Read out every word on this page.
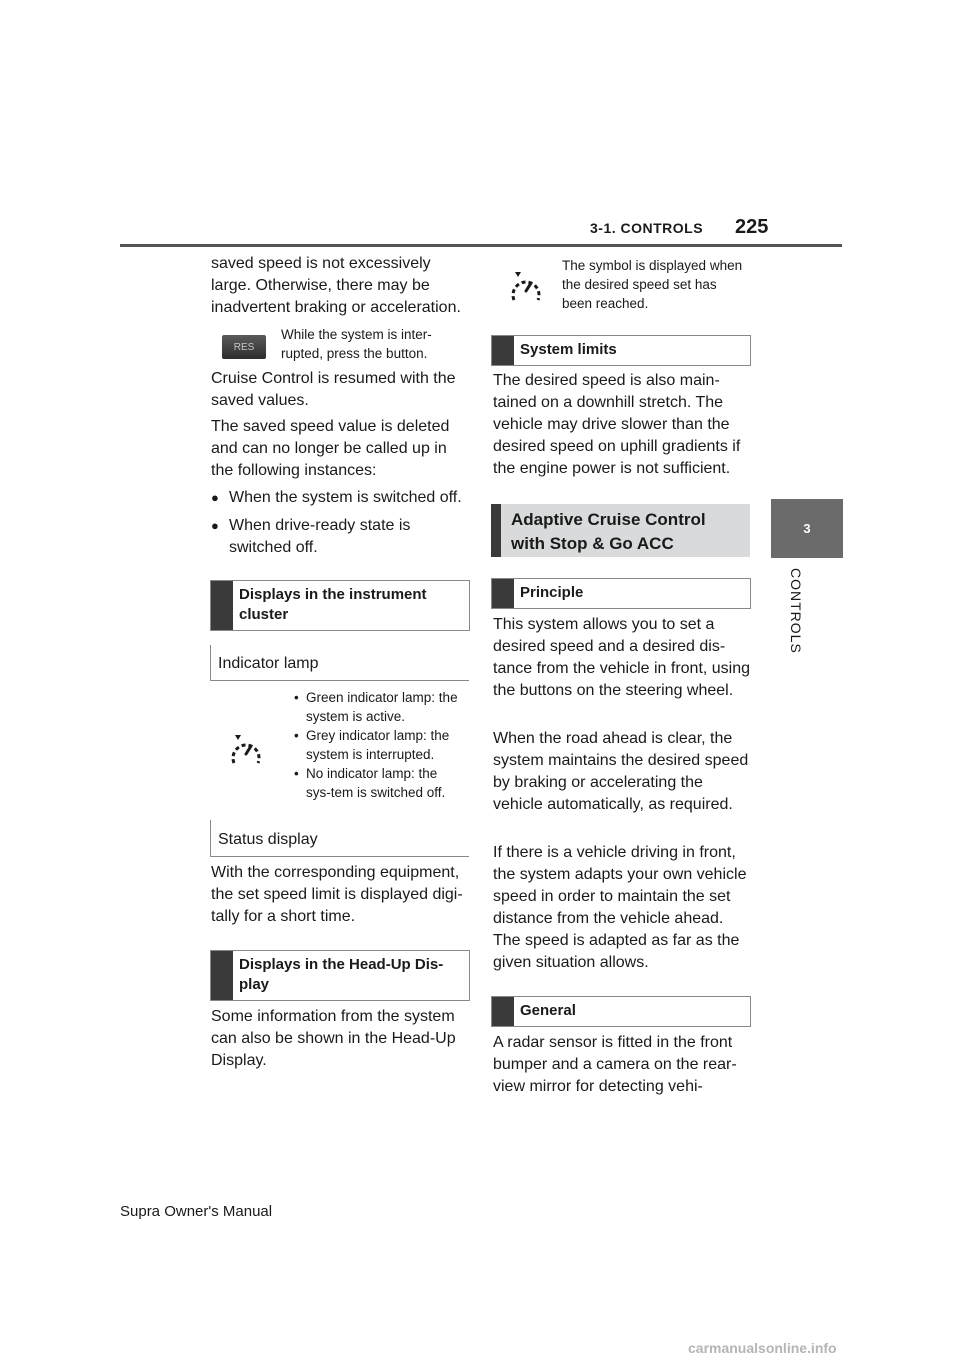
3-1. CONTROLS 225
3
CONTROLS

saved speed is not excessively large. Otherwise, there may be inadvertent braking or acceleration.

RES
While the system is inter-rupted, press the button.

Cruise Control is resumed with the saved values.

The saved speed value is deleted and can no longer be called up in the following instances:

● When the system is switched off.
● When drive-ready state is switched off.
Displays in the instrument cluster
Indicator lamp
• Green indicator lamp: the system is active.
• Grey indicator lamp: the system is interrupted.
• No indicator lamp: the sys-tem is switched off.
Status display

With the corresponding equipment, the set speed limit is displayed digi-tally for a short time.

Displays in the Head-Up Dis-play

Some information from the system can also be shown in the Head-Up Display.

The symbol is displayed when the desired speed set has been reached.
System limits

The desired speed is also main-tained on a downhill stretch. The vehicle may drive slower than the desired speed on uphill gradients if the engine power is not sufficient.

Adaptive Cruise Control
with Stop & Go ACC
Principle

This system allows you to set a desired speed and a desired dis-tance from the vehicle in front, using the buttons on the steering wheel.

When the road ahead is clear, the system maintains the desired speed by braking or accelerating the vehicle automatically, as required.

If there is a vehicle driving in front, the system adapts your own vehicle speed in order to maintain the set distance from the vehicle ahead. The speed is adapted as far as the given situation allows.

General

A radar sensor is fitted in the front bumper and a camera on the rear-view mirror for detecting vehi-

Supra Owner's Manual
carmanualsonline.info
